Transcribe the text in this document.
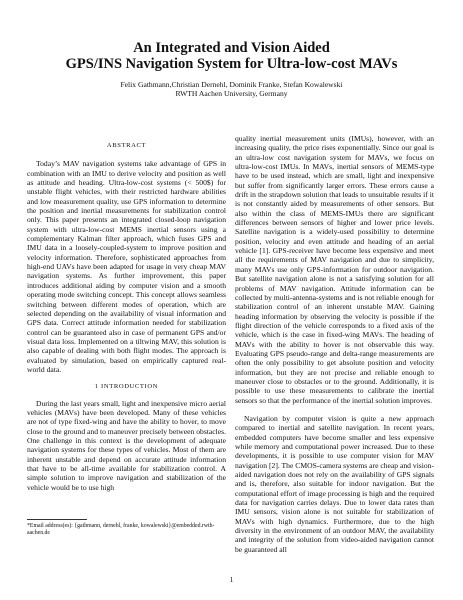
An Integrated and Vision Aided
GPS/INS Navigation System for Ultra-low-cost MAVs
Felix Gathmann,Christian Dernehl, Dominik Franke, Stefan Kowalewski
RWTH Aachen University, Germany
ABSTRACT

Today’s MAV navigation systems take advantage of GPS in combination with an IMU to derive velocity and position as well as attitude and heading. Ultra-low-cost systems (< 500$) for unstable flight vehicles, with their restricted hardware abilities and low measurement quality, use GPS information to determine the position and inertial measurements for stabilization control only. This paper presents an integrated closed-loop navigation system with ultra-low-cost MEMS inertial sensors using a complementary Kalman filter approach, which fuses GPS and IMU data in a loosely-coupled-system to improve position and velocity information. Therefore, sophisticated approaches from high-end UAVs have been adapted for usage in very cheap MAV navigation systems. As further improvement, this paper introduces additional aiding by computer vision and a smooth operating mode switching concept. This concept allows seamless switching between different modes of operation, which are selected depending on the availability of visual information and GPS data. Correct attitude information needed for stabilization control can be guaranteed also in case of permanent GPS and/or visual data loss. Implemented on a tiltwing MAV, this solution is also capable of dealing with both flight modes. The approach is evaluated by simulation, based on empirically captured real-world data.

1 INTRODUCTION

During the last years small, light and inexpensive micro aerial vehicles (MAVs) have been developed. Many of these vehicles are not of type fixed-wing and have the ability to hover, to move close to the ground and to maneuver precisely between obstacles. One challenge in this context is the development of adequate navigation systems for these types of vehicles. Most of them are inherent unstable and depend on accurate attitude information that have to be all-time available for stabilization control. A simple solution to improve navigation and stabilization of the vehicle would be to use high

*Email address(es): {gathmann, dernehl, franke, kowalewski}@embedded.rwth-aachen.de

quality inertial measurement units (IMUs), however, with an increasing quality, the price rises exponentially. Since our goal is an ultra-low cost navigation system for MAVs, we focus on ultra-low-cost IMUs. In MAVs, inertial sensors of MEMS-type have to be used instead, which are small, light and inexpensive but suffer from significantly larger errors. These errors cause a drift in the strapdown solution that leads to unsuitable results if it is not constantly aided by measurements of other sensors. But also within the class of MEMS-IMUs there are significant differences between sensors of higher and lower price levels. Satellite navigation is a widely-used possibility to determine position, velocity and even attitude and heading of an aerial vehicle [1]. GPS-receiver have become less expensive and meet all the requirements of MAV navigation and due to simplicity, many MAVs use only GPS-information for outdoor navigation. But satellite navigation alone is not a satisfying solution for all problems of MAV navigation. Attitude information can be collected by multi-antenna-systems and is not reliable enough for stabilization control of an inherent unstable MAV. Gaining heading information by observing the velocity is possible if the flight direction of the vehicle corresponds to a fixed axis of the vehicle, which is the case in fixed-wing MAVs. The heading of MAVs with the ability to hover is not observable this way. Evaluating GPS pseudo-range and delta-range measurements are often the only possibility to get absolute position and velocity information, but they are not precise and reliable enough to maneuver close to obstacles or to the ground. Additionally, it is possible to use these measurements to calibrate the inertial sensors so that the performance of the inertial solution improves.

Navigation by computer vision is quite a new approach compared to inertial and satellite navigation. In recent years, embedded computers have become smaller and less expensive while memory and computational power increased. Due to these developments, it is possible to use computer vision for MAV navigation [2]. The CMOS-camera systems are cheap and vision-aided navigation does not rely on the availability of GPS signals and is, therefore, also suitable for indoor navigation. But the computational effort of image processing is high and the required data for navigation carries delays. Due to lower data rates than IMU sensors, vision alone is not suitable for stabilization of MAVs with high dynamics. Furthermore, due to the high diversity in the environment of an outdoor MAV, the availability and integrity of the solution from video-aided navigation cannot be guaranteed all

1
